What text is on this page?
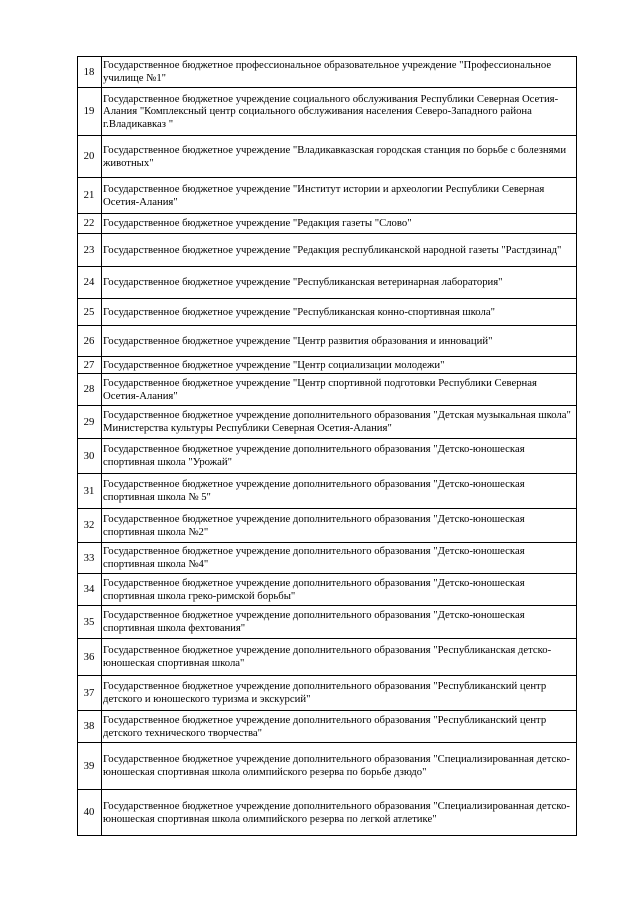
18	Государственное бюджетное профессиональное образовательное учреждение "Профессиональное училище №1"
19	Государственное бюджетное учреждение социального обслуживания Республики Северная Осетия-Алания "Комплексный центр социального обслуживания населения Северо-Западного района г.Владикавказ "
20	Государственное бюджетное учреждение "Владикавказская городская станция по борьбе с болезнями животных"
21	Государственное бюджетное учреждение "Институт истории и археологии Республики Северная Осетия-Алания"
22	Государственное бюджетное учреждение "Редакция газеты "Слово"
23	Государственное бюджетное учреждение "Редакция республиканской народной газеты "Растдзинад"
24	Государственное бюджетное учреждение "Республиканская ветеринарная лаборатория"
25	Государственное бюджетное учреждение "Республиканская конно-спортивная школа"
26	Государственное бюджетное учреждение "Центр развития образования и инноваций"
27	Государственное бюджетное учреждение "Центр социализации молодежи"
28	Государственное бюджетное учреждение "Центр спортивной подготовки Республики Северная Осетия-Алания"
29	Государственное бюджетное учреждение дополнительного образования "Детская музыкальная школа" Министерства культуры Республики Северная Осетия-Алания"
30	Государственное бюджетное учреждение дополнительного образования "Детско-юношеская спортивная школа "Урожай"
31	Государственное бюджетное учреждение дополнительного образования "Детско-юношеская спортивная школа № 5"
32	Государственное бюджетное учреждение дополнительного образования "Детско-юношеская спортивная школа №2"
33	Государственное бюджетное учреждение дополнительного образования "Детско-юношеская спортивная школа №4"
34	Государственное бюджетное учреждение дополнительного образования "Детско-юношеская спортивная школа греко-римской борьбы"
35	Государственное бюджетное учреждение дополнительного образования "Детско-юношеская спортивная школа фехтования"
36	Государственное бюджетное учреждение дополнительного образования "Республиканская детско-юношеская спортивная школа"
37	Государственное бюджетное учреждение дополнительного образования "Республиканский центр детского и юношеского туризма и экскурсий"
38	Государственное бюджетное учреждение дополнительного образования "Республиканский центр детского технического творчества"
39	Государственное бюджетное учреждение дополнительного образования "Специализированная детско-юношеская спортивная школа олимпийского резерва по борьбе дзюдо"
40	Государственное бюджетное учреждение дополнительного образования "Специализированная детско-юношеская спортивная школа олимпийского резерва по легкой атлетике"
